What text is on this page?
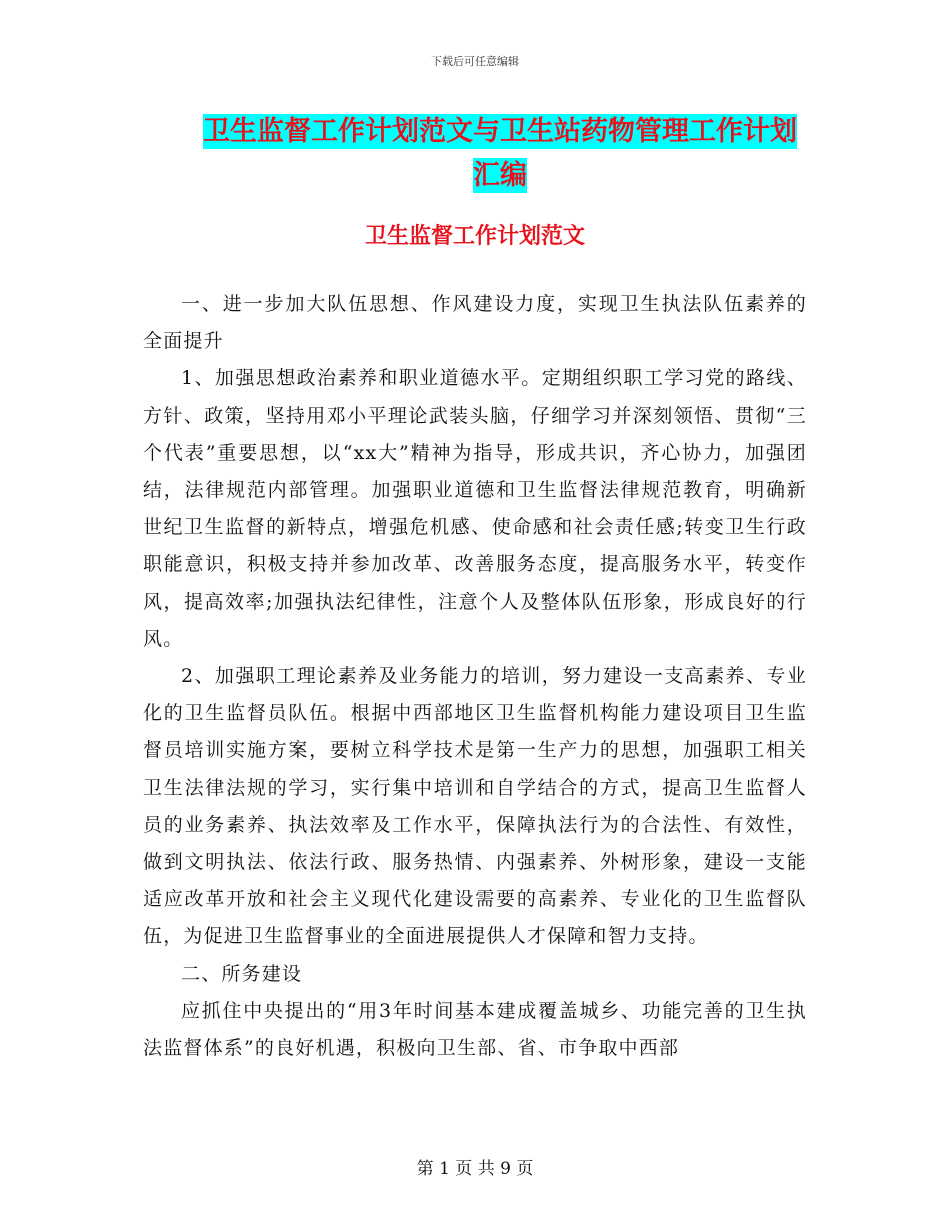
下载后可任意编辑
卫生监督工作计划范文与卫生站药物管理工作计划汇编
卫生监督工作计划范文

一、进一步加大队伍思想、作风建设力度，实现卫生执法队伍素养的全面提升

1、加强思想政治素养和职业道德水平。定期组织职工学习党的路线、方针、政策，坚持用邓小平理论武装头脑，仔细学习并深刻领悟、贯彻“三个代表”重要思想，以“xx大”精神为指导，形成共识，齐心协力，加强团结，法律规范内部管理。加强职业道德和卫生监督法律规范教育，明确新世纪卫生监督的新特点，增强危机感、使命感和社会责任感;转变卫生行政职能意识，积极支持并参加改革、改善服务态度，提高服务水平，转变作风，提高效率;加强执法纪律性，注意个人及整体队伍形象，形成良好的行风。

2、加强职工理论素养及业务能力的培训，努力建设一支高素养、专业化的卫生监督员队伍。根据中西部地区卫生监督机构能力建设项目卫生监督员培训实施方案，要树立科学技术是第一生产力的思想，加强职工相关卫生法律法规的学习，实行集中培训和自学结合的方式，提高卫生监督人员的业务素养、执法效率及工作水平，保障执法行为的合法性、有效性，做到文明执法、依法行政、服务热情、内强素养、外树形象，建设一支能适应改革开放和社会主义现代化建设需要的高素养、专业化的卫生监督队伍，为促进卫生监督事业的全面进展提供人才保障和智力支持。

二、所务建设

应抓住中央提出的“用3年时间基本建成覆盖城乡、功能完善的卫生执法监督体系”的良好机遇，积极向卫生部、省、市争取中西部

第 1 页 共 9 页
